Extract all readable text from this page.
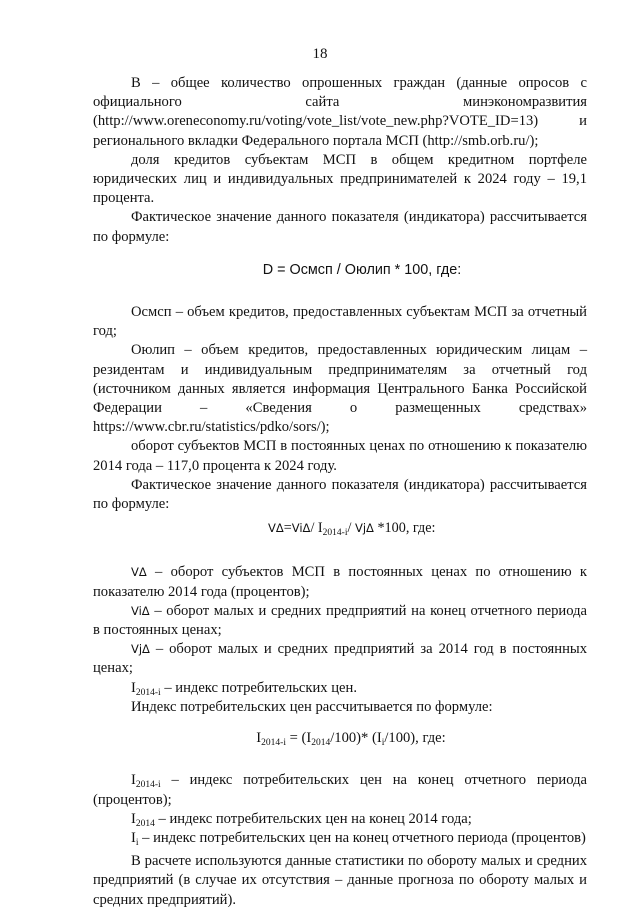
18

B – общее количество опрошенных граждан (данные опросов с официального сайта минэкономразвития (http://www.oreneconomy.ru/voting/vote_list/vote_new.php?VOTE_ID=13) и регионального вкладки Федерального портала МСП (http://smb.orb.ru/);

доля кредитов субъектам МСП в общем кредитном портфеле юридических лиц и индивидуальных предпринимателей к 2024 году – 19,1 процента.

Фактическое значение данного показателя (индикатора) рассчитывается по формуле:

D = Осмсп / Оюлип * 100, где:

Осмсп – объем кредитов, предоставленных субъектам МСП за отчетный год;

Оюлип – объем кредитов, предоставленных юридическим лицам – резидентам и индивидуальным предпринимателям за отчетный год (источником данных является информация Центрального Банка Российской Федерации – «Сведения о размещенных средствах» https://www.cbr.ru/statistics/pdko/sors/);

оборот субъектов МСП в постоянных ценах по отношению к показателю 2014 года – 117,0 процента к 2024 году.

Фактическое значение данного показателя (индикатора) рассчитывается по формуле:

VΔ=ViΔ/ $I_{2014-i}/$ VjΔ *100, где:

VΔ – оборот субъектов МСП в постоянных ценах по отношению к показателю 2014 года (процентов);

ViΔ – оборот малых и средних предприятий на конец отчетного периода в постоянных ценах;

VjΔ – оборот малых и средних предприятий за 2014 год в постоянных ценах;

$I_{2014-i}$ – индекс потребительских цен.

Индекс потребительских цен рассчитывается по формуле:

$I_{2014-i} = (I_{2014}/100)*$ $(I_i/100)$, где:

$I_{2014-i}$ – индекс потребительских цен на конец отчетного периода (процентов);

$I_{2014}$ – индекс потребительских цен на конец 2014 года;

$I_i$ – индекс потребительских цен на конец отчетного периода (процентов)

В расчете используются данные статистики по обороту малых и средних предприятий (в случае их отсутствия – данные прогноза по обороту малых и средних предприятий).
